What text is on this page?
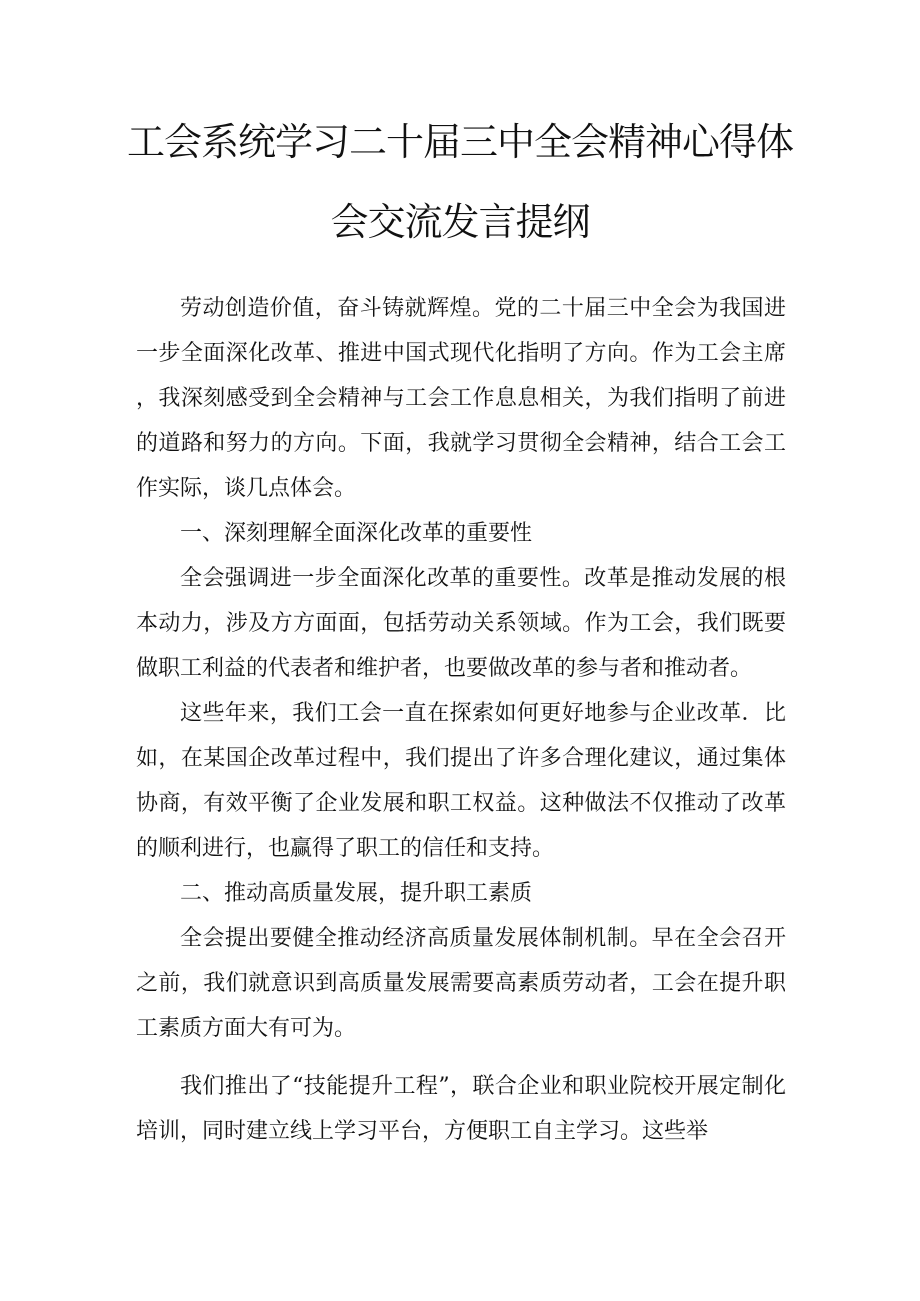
工会系统学习二十届三中全会精神心得体
会交流发言提纲

劳动创造价值，奋斗铸就辉煌。党的二十届三中全会为我国进一步全面深化改革、推进中国式现代化指明了方向。作为工会主席，我深刻感受到全会精神与工会工作息息相关，为我们指明了前进的道路和努力的方向。下面，我就学习贯彻全会精神，结合工会工作实际，谈几点体会。

一、深刻理解全面深化改革的重要性

全会强调进一步全面深化改革的重要性。改革是推动发展的根本动力，涉及方方面面，包括劳动关系领域。作为工会，我们既要做职工利益的代表者和维护者，也要做改革的参与者和推动者。

这些年来，我们工会一直在探索如何更好地参与企业改革．比如，在某国企改革过程中，我们提出了许多合理化建议，通过集体协商，有效平衡了企业发展和职工权益。这种做法不仅推动了改革的顺利进行，也赢得了职工的信任和支持。

二、推动高质量发展，提升职工素质

全会提出要健全推动经济高质量发展体制机制。早在全会召开之前，我们就意识到高质量发展需要高素质劳动者，工会在提升职工素质方面大有可为。

我们推出了“技能提升工程”，联合企业和职业院校开展定制化培训，同时建立线上学习平台，方便职工自主学习。这些举
